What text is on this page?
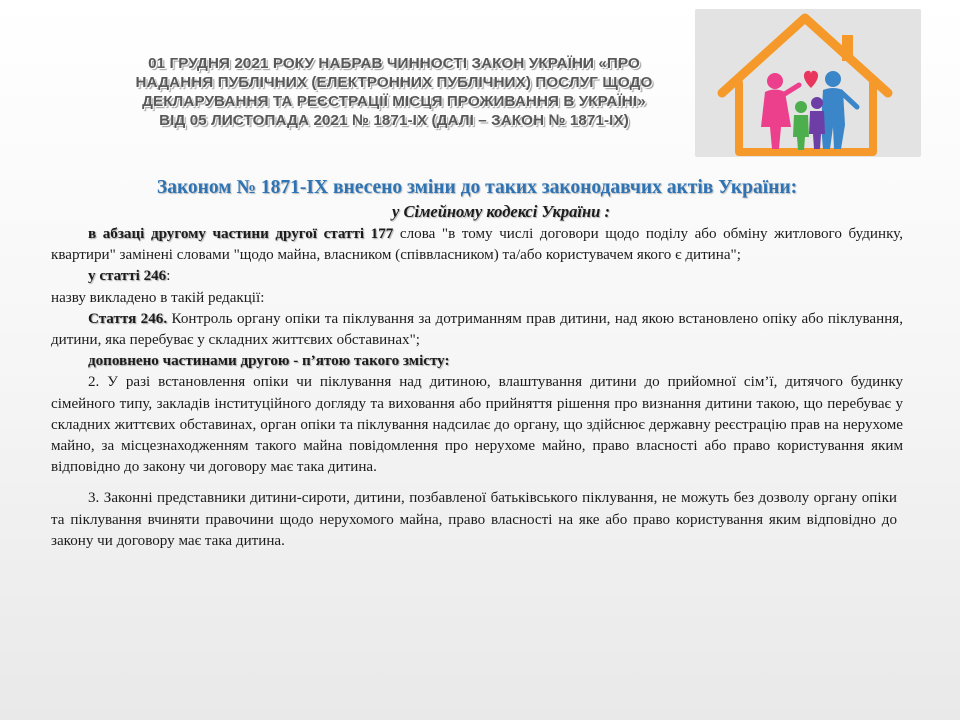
01 ГРУДНЯ 2021 РОКУ НАБРАВ ЧИННОСТІ ЗАКОН УКРАЇНИ «ПРО
НАДАННЯ ПУБЛІЧНИХ (ЕЛЕКТРОННИХ ПУБЛІЧНИХ) ПОСЛУГ ЩОДО
ДЕКЛАРУВАННЯ ТА РЕЄСТРАЦІЇ МІСЦЯ ПРОЖИВАННЯ В УКРАЇНІ»
ВІД 05 ЛИСТОПАДА 2021 № 1871-IX (ДАЛІ – ЗАКОН № 1871-IX)
Законом № 1871-IX внесено зміни до таких законодавчих актів України:
у Сімейному кодексі України :

в абзаці другому частини другої статті 177 слова "в тому числі договори щодо поділу або обміну житлового будинку, квартири" замінені словами "щодо майна, власником (співвласником) та/або користувачем якого є дитина";

у статті 246:

назву викладено в такій редакції:

Стаття 246. Контроль органу опіки та піклування за дотриманням прав дитини, над якою встановлено опіку або піклування, дитини, яка перебуває у складних життєвих обставинах";

доповнено частинами другою - п’ятою такого змісту:

2. У разі встановлення опіки чи піклування над дитиною, влаштування дитини до прийомної сім’ї, дитячого будинку сімейного типу, закладів інституційного догляду та виховання або прийняття рішення про визнання дитини такою, що перебуває у складних життєвих обставинах, орган опіки та піклування надсилає до органу, що здійснює державну реєстрацію прав на нерухоме майно, за місцезнаходженням такого майна повідомлення про нерухоме майно, право власності або право користування яким відповідно до закону чи договору має така дитина.

3. Законні представники дитини-сироти, дитини, позбавленої батьківського піклування, не можуть без дозволу органу опіки та піклування вчиняти правочини щодо нерухомого майна, право власності на яке або право користування яким відповідно до закону чи договору має така дитина.
